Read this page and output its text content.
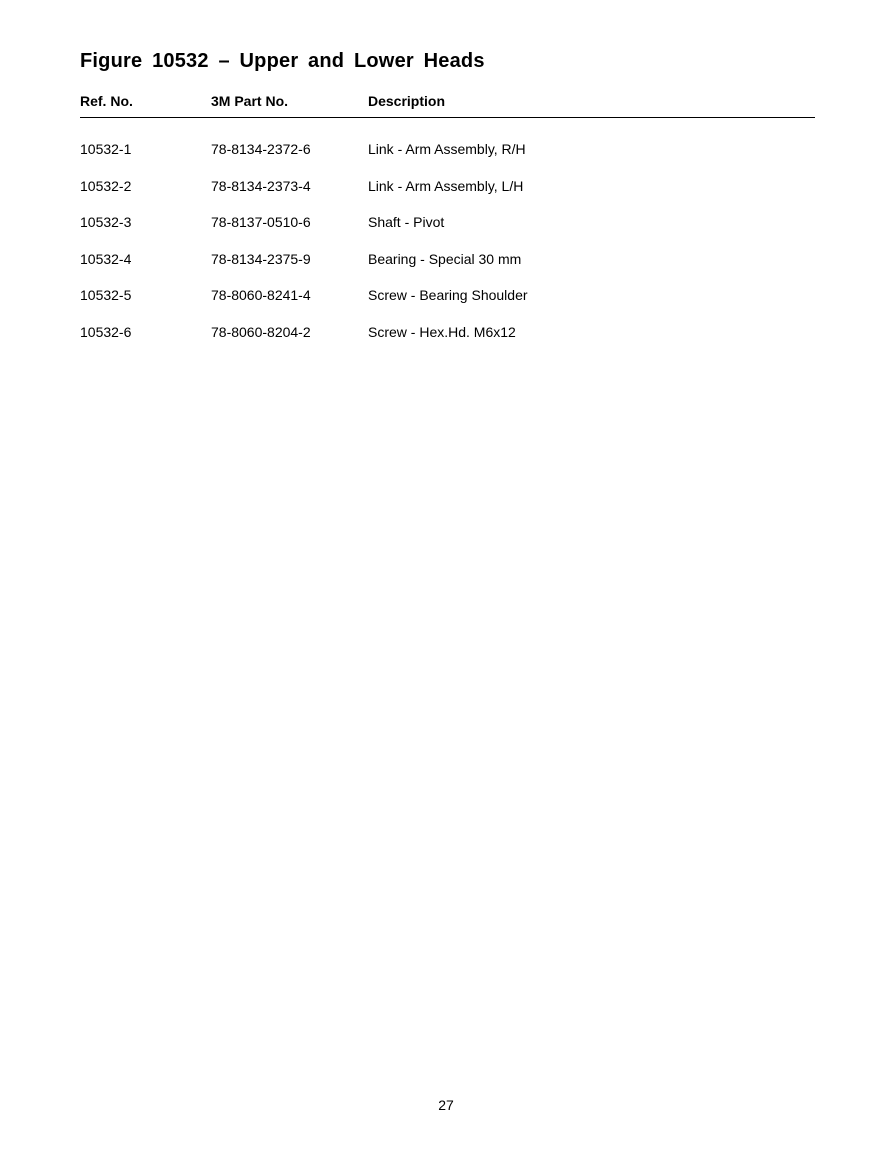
Figure 10532 – Upper and Lower Heads
Ref. No.	3M Part No.	Description
10532-1	78-8134-2372-6	Link - Arm Assembly, R/H
10532-2	78-8134-2373-4	Link - Arm Assembly, L/H
10532-3	78-8137-0510-6	Shaft - Pivot
10532-4	78-8134-2375-9	Bearing - Special 30 mm
10532-5	78-8060-8241-4	Screw - Bearing Shoulder
10532-6	78-8060-8204-2	Screw - Hex.Hd. M6x12
27
